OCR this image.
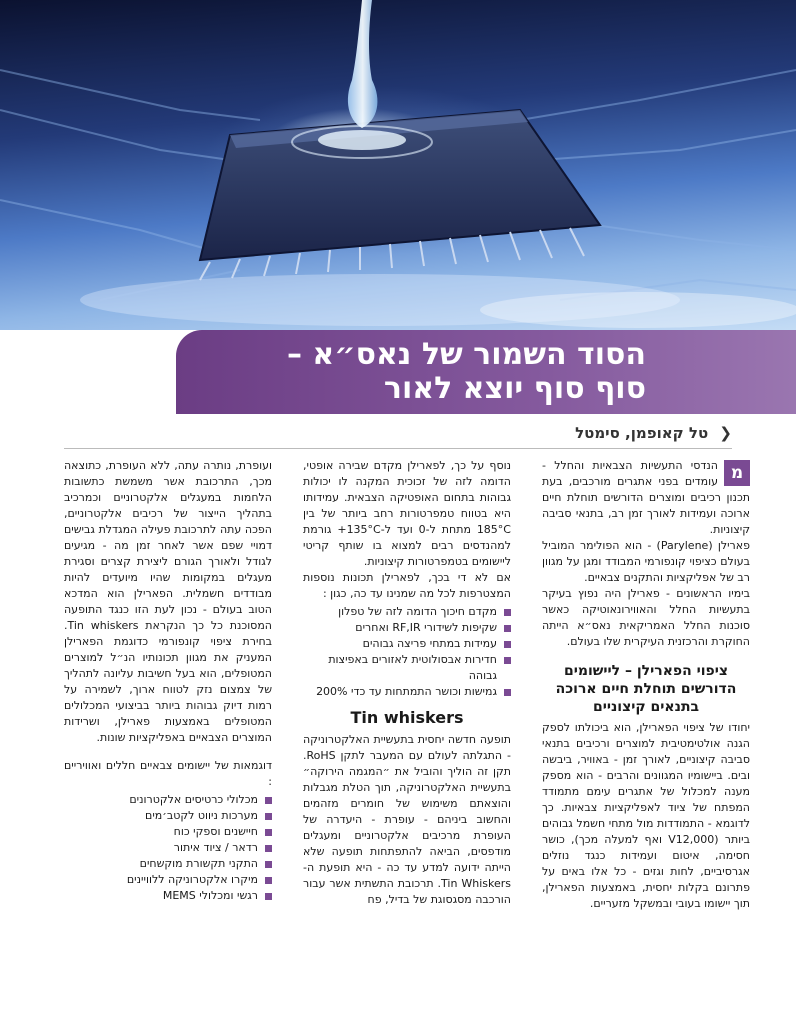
הסוד השמור של נאס״א –
סוף סוף יוצא לאור
❮ טל קאופמן, סימטל
מ

הנדסי התעשיות הצבאיות והחלל - עומדים בפני אתגרים מורכבים, בעת תכנון רכיבים ומוצרים הדורשים תוחלת חיים ארוכה ועמידות לאורך זמן רב, בתנאי סביבה קיצוניות.

פארילן (Parylene) - הוא הפולימר המוביל בעולם כציפוי קונפורמי המבודד ומגן על מגוון רב של אפליקציות והתקנים צבאיים.

בימיו הראשונים - פארילן היה נפוץ בעיקר בתעשיות החלל והאווירונאוטיקה כאשר סוכנות החלל האמריקאית נאס״א הייתה החוקרת והרכזנית העיקרית שלו בעולם.

ציפוי הפארילן – ליישומים הדורשים תוחלת חיים ארוכה בתנאים קיצוניים

יחודו של ציפוי הפארילן, הוא ביכולתו לספק הגנה אולטימטיבית למוצרים ורכיבים בתנאי סביבה קיצוניים, לאורך זמן - באוויר, ביבשה ובים. ביישומיו המגוונים והרבים - הוא מספק מענה למכלול של אתגרים עימם מתמודד המפתח של ציוד לאפליקציות צבאיות. כך לדוגמא - התמודדות מול מתחי חשמל גבוהים ביותר (V12,000 ואף למעלה מכך), כושר חסימה, איטום ועמידות כנגד נוזלים אגרסיביים, לחות וגזים - כל אלו באים על פתרונם בקלות יחסית, באמצעות הפארילן, תוך יישומו בעובי ובמשקל מזעריים.

נוסף על כך, לפארילן מקדם שבירה אופטי, הדומה לזה של זכוכית המקנה לו יכולות גבוהות בתחום האופטיקה הצבאית. עמידותו היא בטווח טמפרטורות רחב ביותר של בין 185°C מתחת ל-0 ועד ל-135°C+ גורמת למהנדסים רבים למצוא בו שותף קריטי ליישומים בטמפרטורות קיצוניות.

אם לא די בכך, לפארילן תכונות נוספות המצטרפות לכל מה שמנינו עד כה, כגון :

מקדם חיכוך הדומה לזה של טפלון
שקיפות לשידורי RF,IR ואחרים
עמידות במתחי פריצה גבוהים
חדירות אבסולוטית לאזורים באפיצות גבוהה
גמישות וכושר התמתחות עד כדי 200%
Tin whiskers

תופעה חדשה יחסית בתעשיית האלקטרוניקה - התגלתה לעולם עם המעבר לתקן RoHS. תקן זה הוליך והוביל את ״המגמה הירוקה״ בתעשיית האלקטרוניקה, תוך הטלת מגבלות והוצאתם משימוש של חומרים מזהמים והחשוב ביניהם - עופרת - היעדרה של העופרת מרכיבים אלקטרוניים ומעגלים מודפסים, הביאה להתפתחות תופעה שלא הייתה ידועה למדע עד כה - היא תופעת ה-Tin Whiskers. תרכובת התשתית אשר עבור הורכבה מסגסוגת של בדיל, פח

ועופרת, נותרה עתה, ללא העופרת, כתוצאה מכך, התרכובת אשר משמשת כתשובות הלחמות במעגלים אלקטרוניים וכמרכיב בתהליך הייצור של רכיבים אלקטרוניים, הפכה עתה לתרכובת פעילה המגדלת גבישים דמויי שפם אשר לאחר זמן מה - מגיעים לגודל ולאורך הגורם ליצירת קצרים וסגירת מעגלים במקומות שהיו מיועדים להיות מבודדים חשמלית. הפארילן הוא המדכא הטוב בעולם - נכון לעת הזו כנגד התופעה המסוכנת כל כך הנקראת Tin whiskers. בחירת ציפוי קונפורמי כדוגמת הפארילן המעניק את מגוון תכונותיו הנ״ל למוצרים המטופלים, הוא בעל חשיבות עליונה לתהליך של צמצום נזק לטווח ארוך, לשמירה על רמות דיוק גבוהות ביותר בביצועי המכלולים המטופלים באמצעות פארילן, ושרידות המוצרים הצבאיים באפליקציות שונות.

דוגמאות של יישומים צבאיים חללים ואוויריים :

מכלולי כרטיסים אלקטרונים
מערכות ניווט לקטב׳מים
חיישנים וספקי כוח
רדאר / ציוד איתור
התקני תקשורת מוקשחים
מיקרו אלקטרוניקה ללוויינים
רגשי ומכלולי MEMS
